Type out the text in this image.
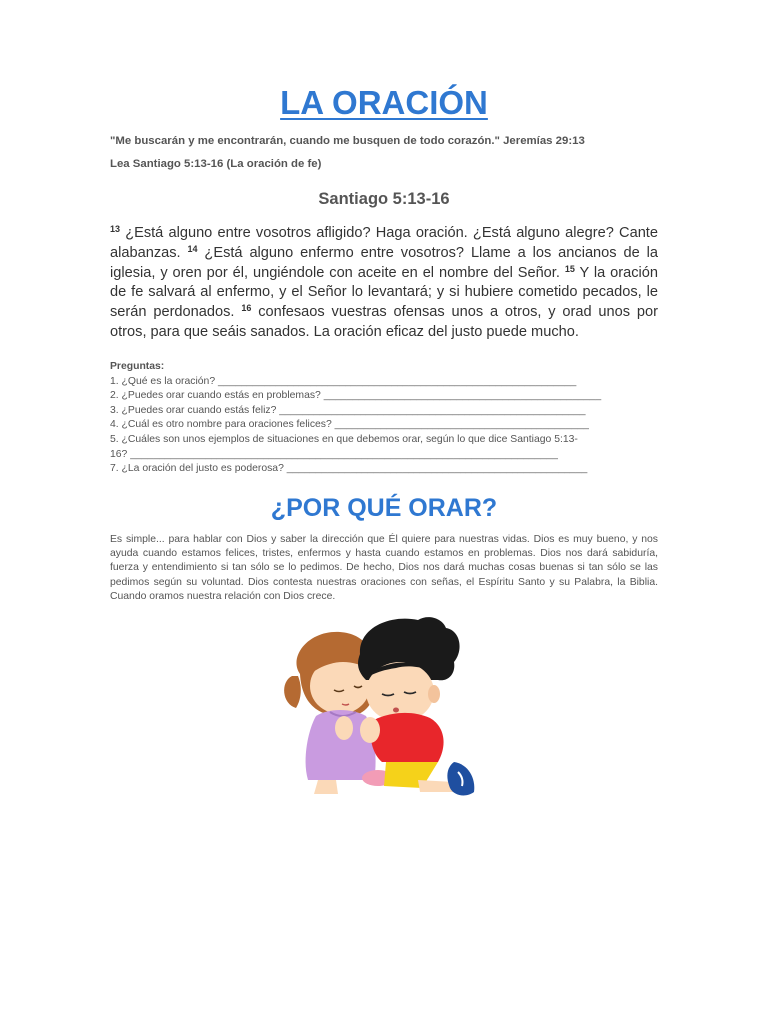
LA ORACIÓN
"Me buscarán y me encontrarán, cuando me busquen de todo corazón." Jeremías 29:13
Lea Santiago 5:13-16 (La oración de fe)
Santiago 5:13-16
$^{13}$ ¿Está alguno entre vosotros afligido? Haga oración. ¿Está alguno alegre? Cante alabanzas. $^{14}$ ¿Está alguno enfermo entre vosotros? Llame a los ancianos de la iglesia, y oren por él, ungiéndole con aceite en el nombre del Señor. $^{15}$ Y la oración de fe salvará al enfermo, y el Señor lo levantará; y si hubiere cometido pecados, le serán perdonados. $^{16}$ confesaos vuestras ofensas unos a otros, y orad unos por otros, para que seáis sanados. La oración eficaz del justo puede mucho.
Preguntas:
1. ¿Qué es la oración? ______________________________________________________________
2. ¿Puedes orar cuando estás en problemas? ________________________________________________
3. ¿Puedes orar cuando estás feliz? _____________________________________________________
4. ¿Cuál es otro nombre para oraciones felices? ____________________________________________
5. ¿Cuáles son unos ejemplos de situaciones en que debemos orar, según lo que dice Santiago 5:13-
16? __________________________________________________________________________
7. ¿La oración del justo es poderosa? ____________________________________________________
¿POR QUÉ ORAR?
Es simple... para hablar con Dios y saber la dirección que Él quiere para nuestras vidas. Dios es muy bueno, y nos ayuda cuando estamos felices, tristes, enfermos y hasta cuando estamos en problemas. Dios nos dará sabiduría, fuerza y entendimiento si tan sólo se lo pedimos. De hecho, Dios nos dará muchas cosas buenas si tan sólo se las pedimos según su voluntad. Dios contesta nuestras oraciones con señas, el Espíritu Santo y su Palabra, la Biblia. Cuando oramos nuestra relación con Dios crece.
